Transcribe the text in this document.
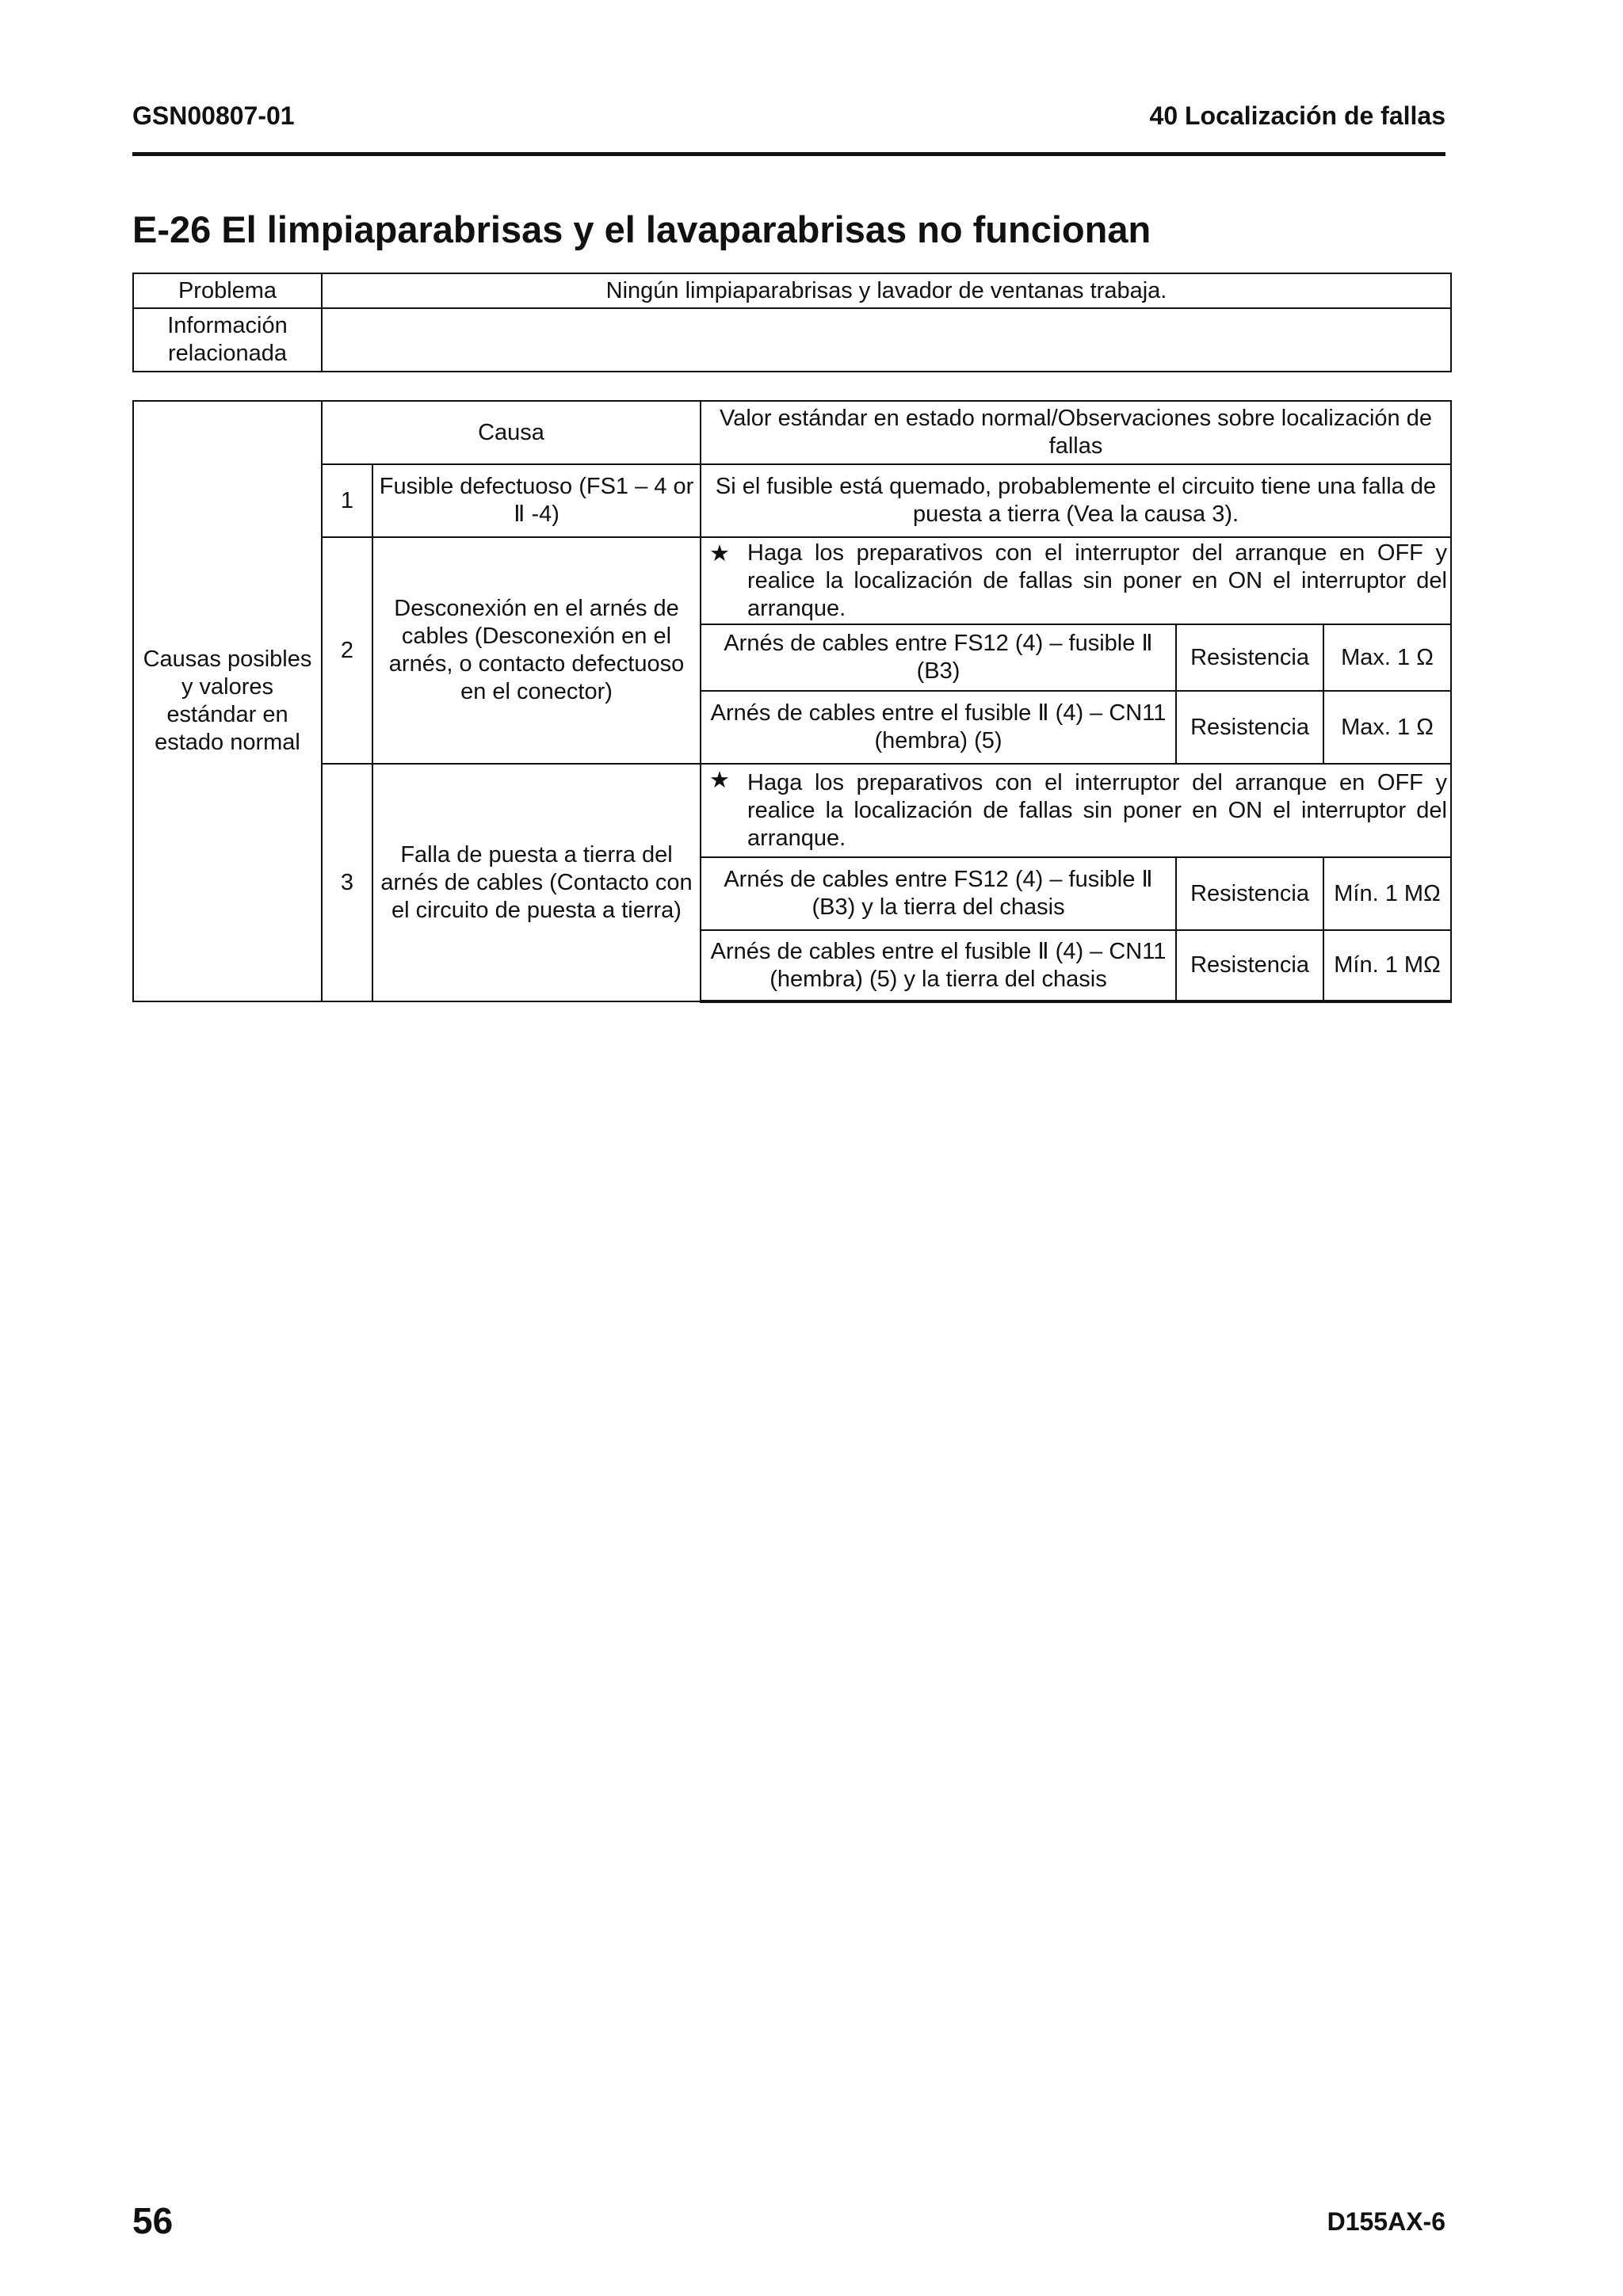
GSN00807-01	40 Localización de fallas
E-26 El limpiaparabrisas y el lavaparabrisas no funcionan
Problema	Ningún limpiaparabrisas y lavador de ventanas trabaja.
Información relacionada	
Causas posibles y valores estándar en estado normal	Causa		Valor estándar en estado normal/Observaciones sobre localización de fallas		
	1	Fusible defectuoso (FS1 – 4 or Ⅱ -4)	Si el fusible está quemado, probablemente el circuito tiene una falla de puesta a tierra (Vea la causa 3).		
	2	Desconexión en el arnés de cables (Desconexión en el arnés, o contacto defectuoso en el conector)	★ Haga los preparativos con el interruptor del arranque en OFF y realice la localización de fallas sin poner en ON el interruptor del arranque.		

			Arnés de cables entre FS12 (4) – fusible Ⅱ (B3)	Resistencia	Max. 1 Ω
			Arnés de cables entre el fusible Ⅱ (4) – CN11 (hembra) (5)	Resistencia	Max. 1 Ω
	3	Falla de puesta a tierra del arnés de cables (Contacto con el circuito de puesta a tierra)	★ Haga los preparativos con el interruptor del arranque en OFF y realice la localización de fallas sin poner en ON el interruptor del arranque.		

			Arnés de cables entre FS12 (4) – fusible Ⅱ (B3) y la tierra del chasis	Resistencia	Mín. 1 MΩ
			Arnés de cables entre el fusible Ⅱ (4) – CN11 (hembra) (5) y la tierra del chasis	Resistencia	Mín. 1 MΩ
56	D155AX-6
